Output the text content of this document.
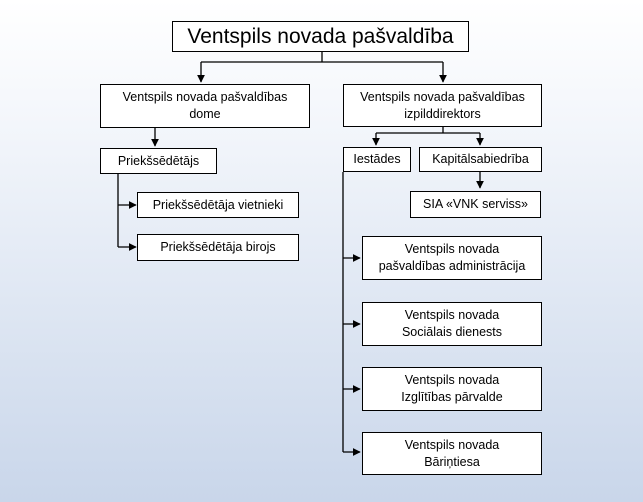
Ventspils novada pašvaldība
Ventspils novada pašvaldības
dome
Priekšsēdētājs
Priekšsēdētāja vietnieki
Priekšsēdētāja birojs
Ventspils novada pašvaldības
izpilddirektors
Iestādes	Kapitālsabiedrība
SIA «VNK serviss»
Ventspils novada
pašvaldības administrācija
Ventspils novada
Sociālais dienests
Ventspils novada
Izglītības pārvalde
Ventspils novada
Bāriņtiesa
